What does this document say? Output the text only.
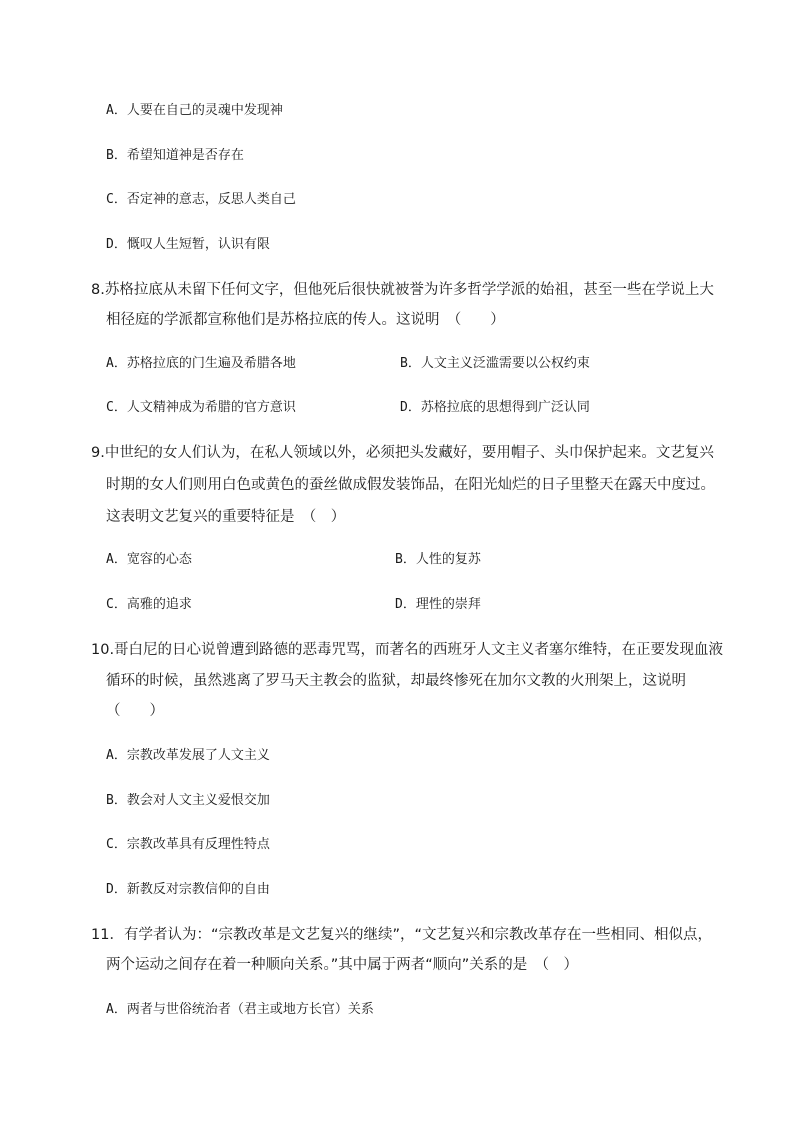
A．人要在自己的灵魂中发现神
B．希望知道神是否存在
C．否定神的意志，反思人类自己
D．慨叹人生短暂，认识有限
8.苏格拉底从未留下任何文字，但他死后很快就被誉为许多哲学学派的始祖，甚至一些在学说上大
相径庭的学派都宣称他们是苏格拉底的传人。这说明　（　　）
A．苏格拉底的门生遍及希腊各地	B．人文主义泛滥需要以公权约束
C．人文精神成为希腊的官方意识	D．苏格拉底的思想得到广泛认同
9.中世纪的女人们认为，在私人领域以外，必须把头发藏好，要用帽子、头巾保护起来。文艺复兴
时期的女人们则用白色或黄色的蚕丝做成假发装饰品，在阳光灿烂的日子里整天在露天中度过。
这表明文艺复兴的重要特征是　（　）
A．宽容的心态	B．人性的复苏
C．高雅的追求	D．理性的崇拜
10.哥白尼的日心说曾遭到路德的恶毒咒骂，而著名的西班牙人文主义者塞尔维特，在正要发现血液
循环的时候，虽然逃离了罗马天主教会的监狱，却最终惨死在加尔文教的火刑架上，这说明
（　　）
A．宗教改革发展了人文主义
B．教会对人文主义爱恨交加
C．宗教改革具有反理性特点
D．新教反对宗教信仰的自由
11．有学者认为：“宗教改革是文艺复兴的继续”，“文艺复兴和宗教改革存在一些相同、相似点，
两个运动之间存在着一种顺向关系。”其中属于两者“顺向”关系的是　（　）
A．两者与世俗统治者（君主或地方长官）关系
